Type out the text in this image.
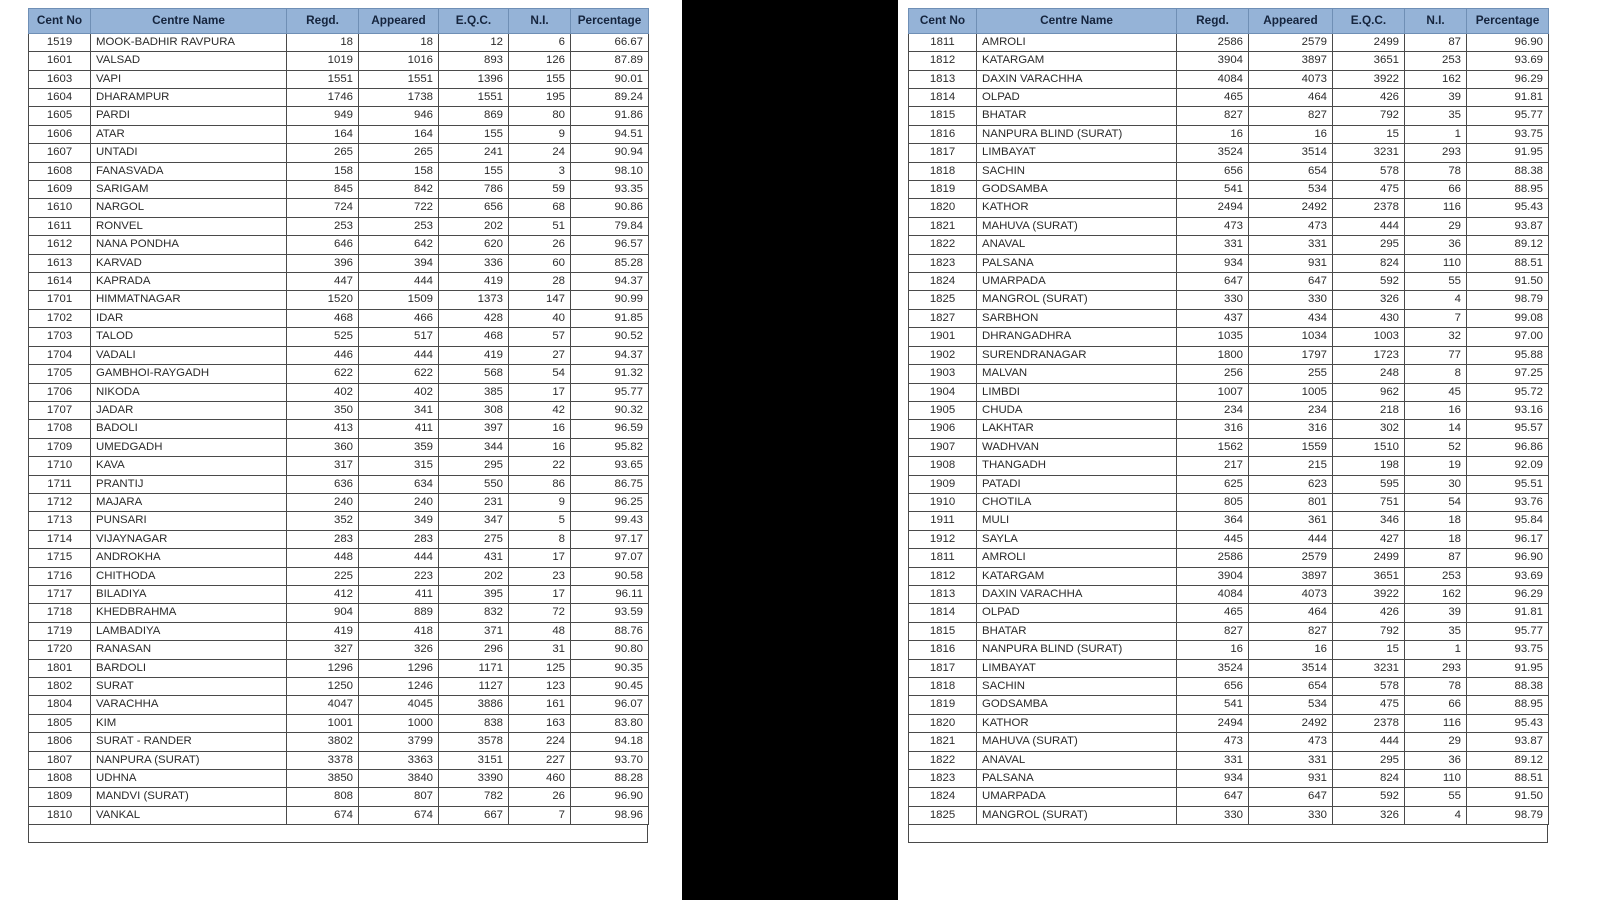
Cent No	Centre Name	Regd.	Appeared	E.Q.C.	N.I.	Percentage
1519	MOOK-BADHIR RAVPURA	18	18	12	6	66.67
1601	VALSAD	1019	1016	893	126	87.89
1603	VAPI	1551	1551	1396	155	90.01
1604	DHARAMPUR	1746	1738	1551	195	89.24
1605	PARDI	949	946	869	80	91.86
1606	ATAR	164	164	155	9	94.51
1607	UNTADI	265	265	241	24	90.94
1608	FANASVADA	158	158	155	3	98.10
1609	SARIGAM	845	842	786	59	93.35
1610	NARGOL	724	722	656	68	90.86
1611	RONVEL	253	253	202	51	79.84
1612	NANA PONDHA	646	642	620	26	96.57
1613	KARVAD	396	394	336	60	85.28
1614	KAPRADA	447	444	419	28	94.37
1701	HIMMATNAGAR	1520	1509	1373	147	90.99
1702	IDAR	468	466	428	40	91.85
1703	TALOD	525	517	468	57	90.52
1704	VADALI	446	444	419	27	94.37
1705	GAMBHOI-RAYGADH	622	622	568	54	91.32
1706	NIKODA	402	402	385	17	95.77
1707	JADAR	350	341	308	42	90.32
1708	BADOLI	413	411	397	16	96.59
1709	UMEDGADH	360	359	344	16	95.82
1710	KAVA	317	315	295	22	93.65
1711	PRANTIJ	636	634	550	86	86.75
1712	MAJARA	240	240	231	9	96.25
1713	PUNSARI	352	349	347	5	99.43
1714	VIJAYNAGAR	283	283	275	8	97.17
1715	ANDROKHA	448	444	431	17	97.07
1716	CHITHODA	225	223	202	23	90.58
1717	BILADIYA	412	411	395	17	96.11
1718	KHEDBRAHMA	904	889	832	72	93.59
1719	LAMBADIYA	419	418	371	48	88.76
1720	RANASAN	327	326	296	31	90.80
1801	BARDOLI	1296	1296	1171	125	90.35
1802	SURAT	1250	1246	1127	123	90.45
1804	VARACHHA	4047	4045	3886	161	96.07
1805	KIM	1001	1000	838	163	83.80
1806	SURAT - RANDER	3802	3799	3578	224	94.18
1807	NANPURA (SURAT)	3378	3363	3151	227	93.70
1808	UDHNA	3850	3840	3390	460	88.28
1809	MANDVI (SURAT)	808	807	782	26	96.90
1810	VANKAL	674	674	667	7	98.96
Cent No	Centre Name	Regd.	Appeared	E.Q.C.	N.I.	Percentage
1811	AMROLI	2586	2579	2499	87	96.90
1812	KATARGAM	3904	3897	3651	253	93.69
1813	DAXIN VARACHHA	4084	4073	3922	162	96.29
1814	OLPAD	465	464	426	39	91.81
1815	BHATAR	827	827	792	35	95.77
1816	NANPURA BLIND (SURAT)	16	16	15	1	93.75
1817	LIMBAYAT	3524	3514	3231	293	91.95
1818	SACHIN	656	654	578	78	88.38
1819	GODSAMBA	541	534	475	66	88.95
1820	KATHOR	2494	2492	2378	116	95.43
1821	MAHUVA (SURAT)	473	473	444	29	93.87
1822	ANAVAL	331	331	295	36	89.12
1823	PALSANA	934	931	824	110	88.51
1824	UMARPADA	647	647	592	55	91.50
1825	MANGROL (SURAT)	330	330	326	4	98.79
1827	SARBHON	437	434	430	7	99.08
1901	DHRANGADHRA	1035	1034	1003	32	97.00
1902	SURENDRANAGAR	1800	1797	1723	77	95.88
1903	MALVAN	256	255	248	8	97.25
1904	LIMBDI	1007	1005	962	45	95.72
1905	CHUDA	234	234	218	16	93.16
1906	LAKHTAR	316	316	302	14	95.57
1907	WADHVAN	1562	1559	1510	52	96.86
1908	THANGADH	217	215	198	19	92.09
1909	PATADI	625	623	595	30	95.51
1910	CHOTILA	805	801	751	54	93.76
1911	MULI	364	361	346	18	95.84
1912	SAYLA	445	444	427	18	96.17
1811	AMROLI	2586	2579	2499	87	96.90
1812	KATARGAM	3904	3897	3651	253	93.69
1813	DAXIN VARACHHA	4084	4073	3922	162	96.29
1814	OLPAD	465	464	426	39	91.81
1815	BHATAR	827	827	792	35	95.77
1816	NANPURA BLIND (SURAT)	16	16	15	1	93.75
1817	LIMBAYAT	3524	3514	3231	293	91.95
1818	SACHIN	656	654	578	78	88.38
1819	GODSAMBA	541	534	475	66	88.95
1820	KATHOR	2494	2492	2378	116	95.43
1821	MAHUVA (SURAT)	473	473	444	29	93.87
1822	ANAVAL	331	331	295	36	89.12
1823	PALSANA	934	931	824	110	88.51
1824	UMARPADA	647	647	592	55	91.50
1825	MANGROL (SURAT)	330	330	326	4	98.79
